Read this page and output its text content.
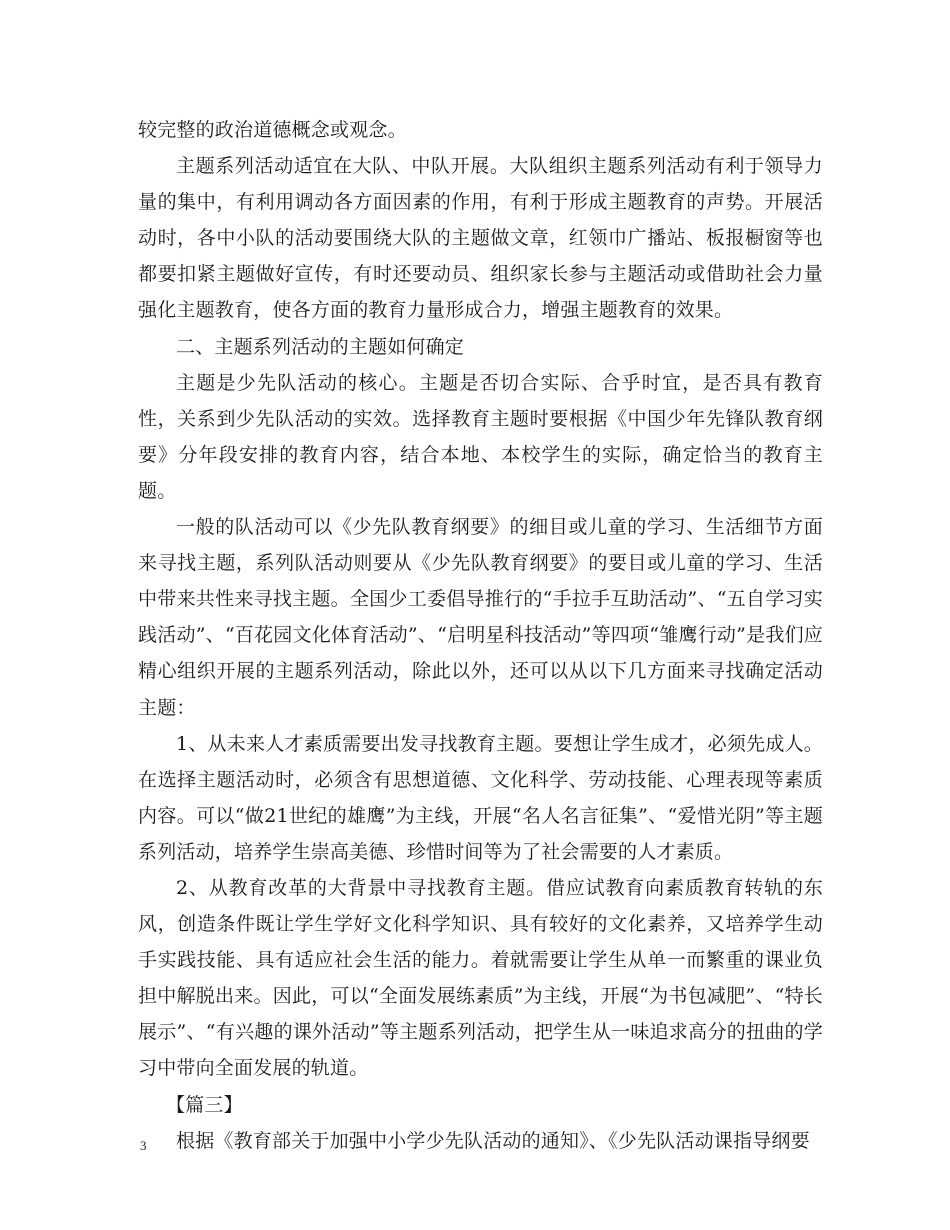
较完整的政治道德概念或观念。

主题系列活动适宜在大队、中队开展。大队组织主题系列活动有利于领导力量的集中，有利用调动各方面因素的作用，有利于形成主题教育的声势。开展活动时，各中小队的活动要围绕大队的主题做文章，红领巾广播站、板报橱窗等也都要扣紧主题做好宣传，有时还要动员、组织家长参与主题活动或借助社会力量强化主题教育，使各方面的教育力量形成合力，增强主题教育的效果。

二、主题系列活动的主题如何确定

主题是少先队活动的核心。主题是否切合实际、合乎时宜，是否具有教育性，关系到少先队活动的实效。选择教育主题时要根据《中国少年先锋队教育纲要》分年段安排的教育内容，结合本地、本校学生的实际，确定恰当的教育主题。

一般的队活动可以《少先队教育纲要》的细目或儿童的学习、生活细节方面来寻找主题，系列队活动则要从《少先队教育纲要》的要目或儿童的学习、生活中带来共性来寻找主题。全国少工委倡导推行的“手拉手互助活动”、“五自学习实践活动”、“百花园文化体育活动”、“启明星科技活动”等四项“雏鹰行动”是我们应精心组织开展的主题系列活动，除此以外，还可以从以下几方面来寻找确定活动主题：

1、从未来人才素质需要出发寻找教育主题。要想让学生成才，必须先成人。在选择主题活动时，必须含有思想道德、文化科学、劳动技能、心理表现等素质内容。可以“做21世纪的雄鹰”为主线，开展“名人名言征集”、“爱惜光阴”等主题系列活动，培养学生崇高美德、珍惜时间等为了社会需要的人才素质。

2、从教育改革的大背景中寻找教育主题。借应试教育向素质教育转轨的东风，创造条件既让学生学好文化科学知识、具有较好的文化素养，又培养学生动手实践技能、具有适应社会生活的能力。着就需要让学生从单一而繁重的课业负担中解脱出来。因此，可以“全面发展练素质”为主线，开展“为书包减肥”、“特长展示”、“有兴趣的课外活动”等主题系列活动，把学生从一味追求高分的扭曲的学习中带向全面发展的轨道。

【篇三】

根据《教育部关于加强中小学少先队活动的通知》、《少先队活动课指导纲要

3
